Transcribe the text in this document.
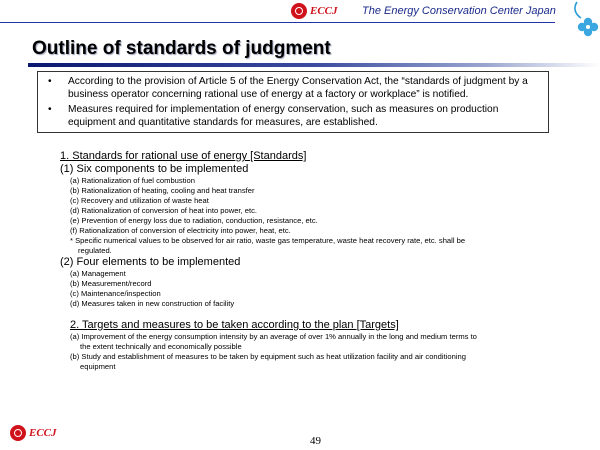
ECCJ The Energy Conservation Center Japan
Outline of standards of judgment
• According to the provision of Article 5 of the Energy Conservation Act, the “standards of judgment by a business operator concerning rational use of energy at a factory or workplace” is notified.
• Measures required for implementation of energy conservation, such as measures on production equipment and quantitative standards for measures, are established.
1. Standards for rational use of energy [Standards]
(1) Six components to be implemented
(a) Rationalization of fuel combustion
(b) Rationalization of heating, cooling and heat transfer
(c) Recovery and utilization of waste heat
(d) Rationalization of conversion of heat into power, etc.
(e) Prevention of energy loss due to radiation, conduction, resistance, etc.
(f) Rationalization of conversion of electricity into power, heat, etc.
* Specific numerical values to be observed for air ratio, waste gas temperature, waste heat recovery rate, etc. shall be
regulated.
(2) Four elements to be implemented
(a) Management
(b) Measurement/record
(c) Maintenance/inspection
(d) Measures taken in new construction of facility
2. Targets and measures to be taken according to the plan [Targets]
(a) Improvement of the energy consumption intensity by an average of over 1% annually in the long and medium terms to
the extent technically and economically possible
(b) Study and establishment of measures to be taken by equipment such as heat utilization facility and air conditioning
equipment
ECCJ
49
